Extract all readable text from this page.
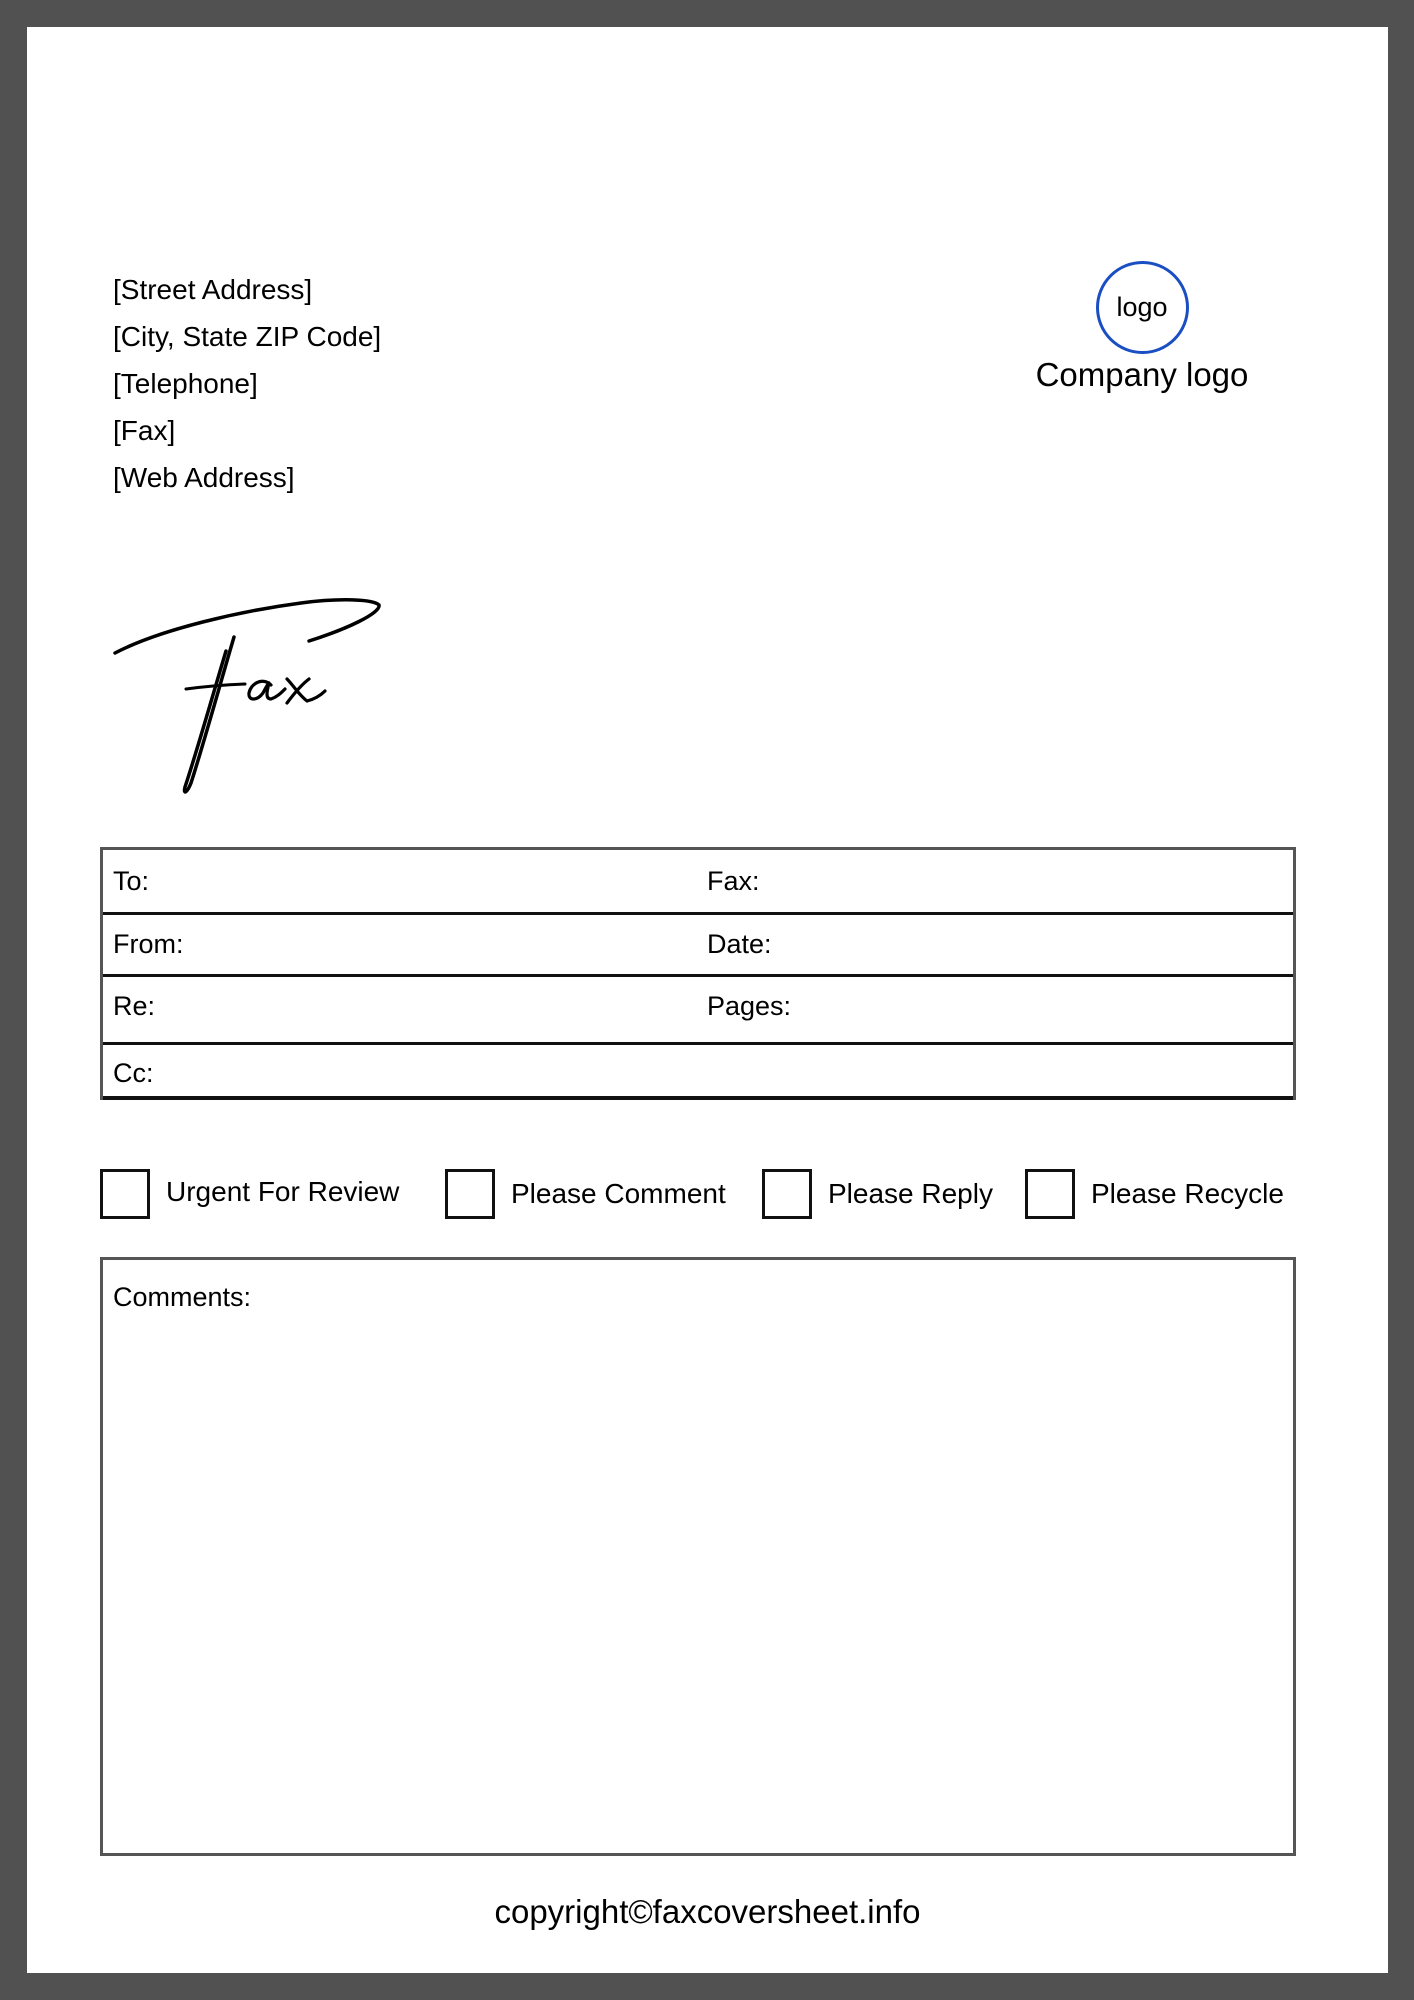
[Street Address]
[City, State ZIP Code]
[Telephone]
[Fax]
[Web Address]
logo
Company logo
To:	Fax:
From:	Date:
Re:	Pages:
Cc:
Urgent For Review	Please Comment	Please Reply	Please Recycle
Comments:
copyright©faxcoversheet.info
